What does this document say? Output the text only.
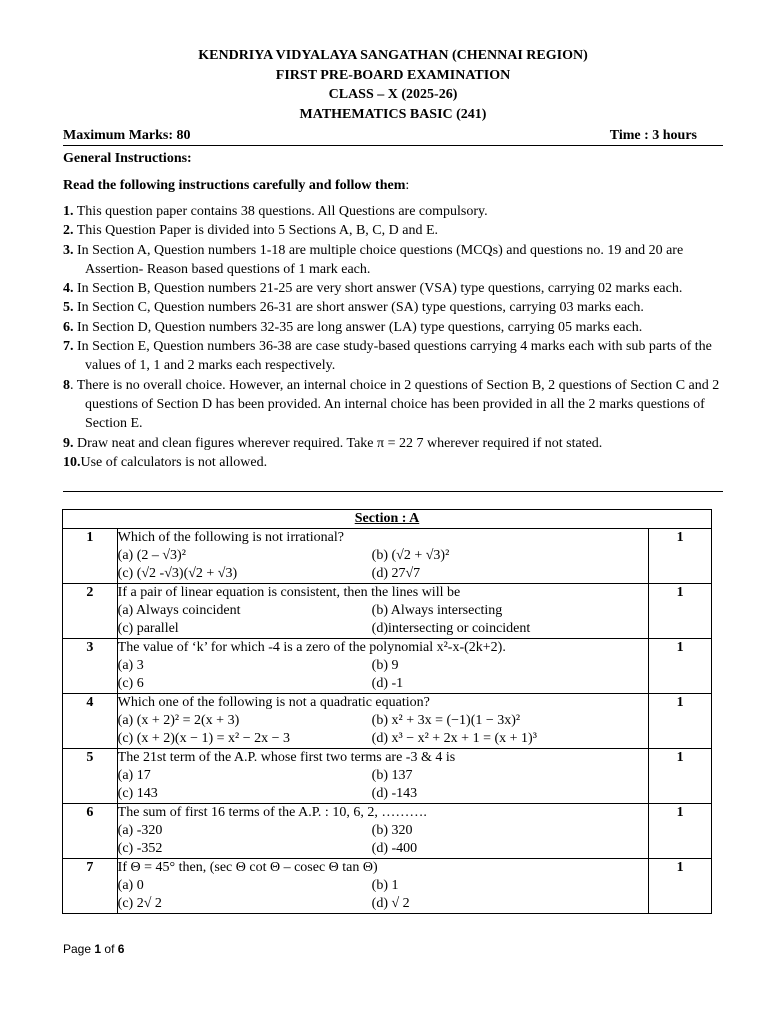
KENDRIYA VIDYALAYA SANGATHAN (CHENNAI REGION)
FIRST PRE-BOARD EXAMINATION
CLASS – X (2025-26)
MATHEMATICS BASIC (241)
Maximum Marks: 80	Time : 3 hours
General Instructions:
Read the following instructions carefully and follow them:
1. This question paper contains 38 questions. All Questions are compulsory.
2. This Question Paper is divided into 5 Sections A, B, C, D and E.
3. In Section A, Question numbers 1-18 are multiple choice questions (MCQs) and questions no. 19 and 20 are Assertion- Reason based questions of 1 mark each.
4. In Section B, Question numbers 21-25 are very short answer (VSA) type questions, carrying 02 marks each.
5. In Section C, Question numbers 26-31 are short answer (SA) type questions, carrying 03 marks each.
6. In Section D, Question numbers 32-35 are long answer (LA) type questions, carrying 05 marks each.
7. In Section E, Question numbers 36-38 are case study-based questions carrying 4 marks each with sub parts of the values of 1, 1 and 2 marks each respectively.
8. There is no overall choice. However, an internal choice in 2 questions of Section B, 2 questions of Section C and 2 questions of Section D has been provided. An internal choice has been provided in all the 2 marks questions of Section E.
9. Draw neat and clean figures wherever required. Take π = 22 7 wherever required if not stated.
10.Use of calculators is not allowed.
Section : A		
1	Which of the following is not irrational?
(a) (2 – √3)² (b) (√2 + √3)²
(c) (√2 -√3)(√2 + √3) (d) 27√7	1
2	If a pair of linear equation is consistent, then the lines will be
(a) Always coincident (b) Always intersecting
(c) parallel (d)intersecting or coincident	1
3	The value of ‘k’ for which -4 is a zero of the polynomial x²-x-(2k+2).
(a) 3 (b) 9
(c) 6 (d) -1	1
4	Which one of the following is not a quadratic equation?
(a) (x + 2)² = 2(x + 3) (b) x² + 3x = (−1)(1 − 3x)²
(c) (x + 2)(x − 1) = x² − 2x − 3 (d) x³ − x² + 2x + 1 = (x + 1)³	1
5	The 21st term of the A.P. whose first two terms are -3 & 4 is
(a) 17 (b) 137
(c) 143 (d) -143	1
6	The sum of first 16 terms of the A.P. : 10, 6, 2, ……….
(a) -320 (b) 320
(c) -352 (d) -400	1
7	If Θ = 45° then, (sec Θ cot Θ – cosec Θ tan Θ)
(a) 0 (b) 1
(c) 2√ 2 (d) √ 2	1
Page 1 of 6
